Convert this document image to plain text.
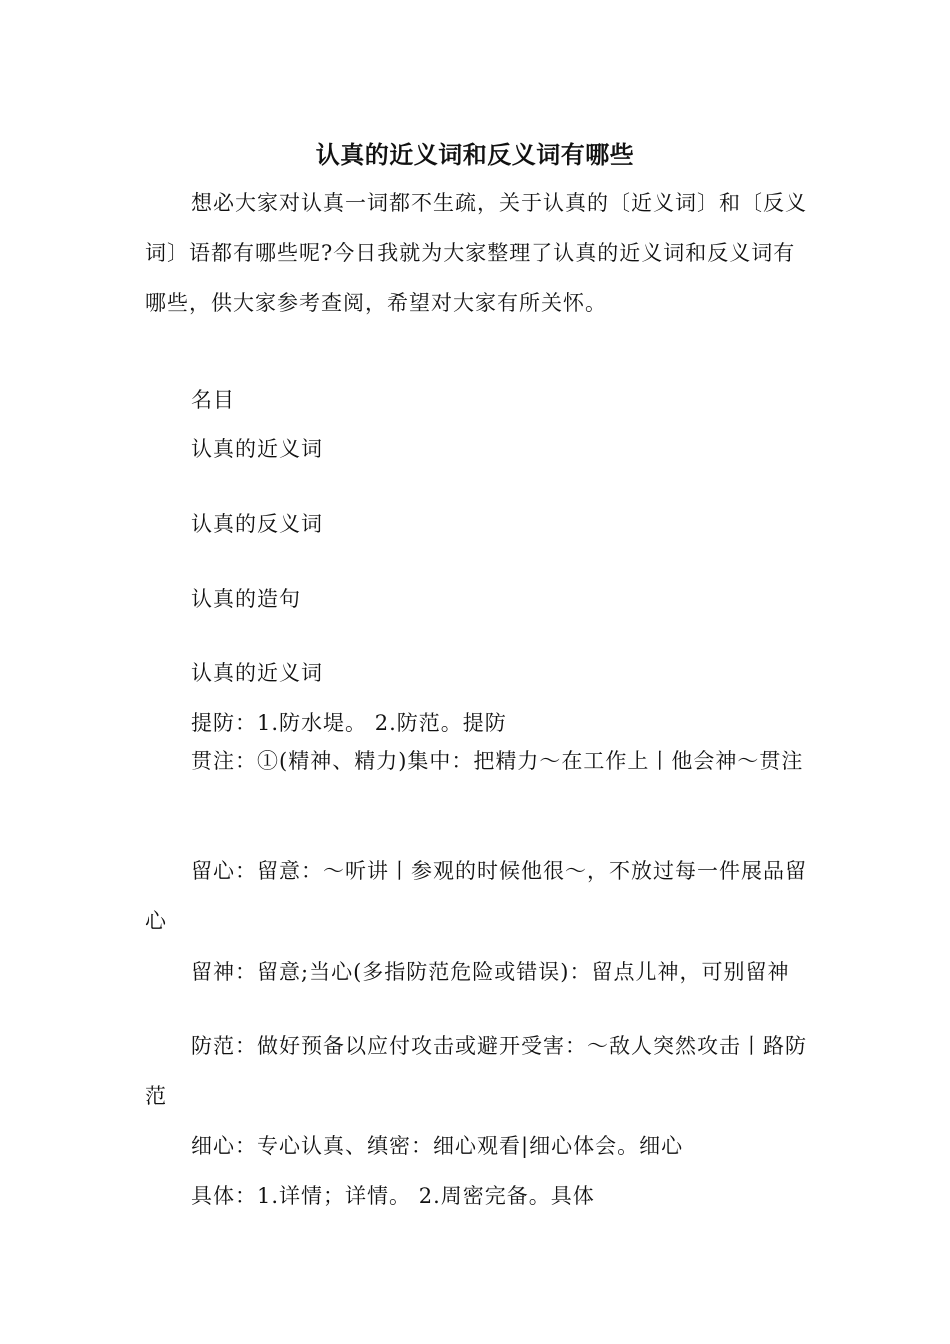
认真的近义词和反义词有哪些
想必大家对认真一词都不生疏，关于认真的〔近义词〕和〔反义词〕语都有哪些呢?今日我就为大家整理了认真的近义词和反义词有哪些，供大家参考查阅，希望对大家有所关怀。
名目
认真的近义词
认真的反义词
认真的造句
认真的近义词
提防：1.防水堤。 2.防范。提防
贯注：①(精神、精力)集中：把精力～在工作上丨他会神～贯注
留心：留意：～听讲丨参观的时候他很～，不放过每一件展品留心
留神：留意;当心(多指防范危险或错误)：留点儿神，可别留神
防范：做好预备以应付攻击或避开受害：～敌人突然攻击丨路防范
细心：专心认真、缜密：细心观看|细心体会。细心
具体：1.详情；详情。 2.周密完备。具体
